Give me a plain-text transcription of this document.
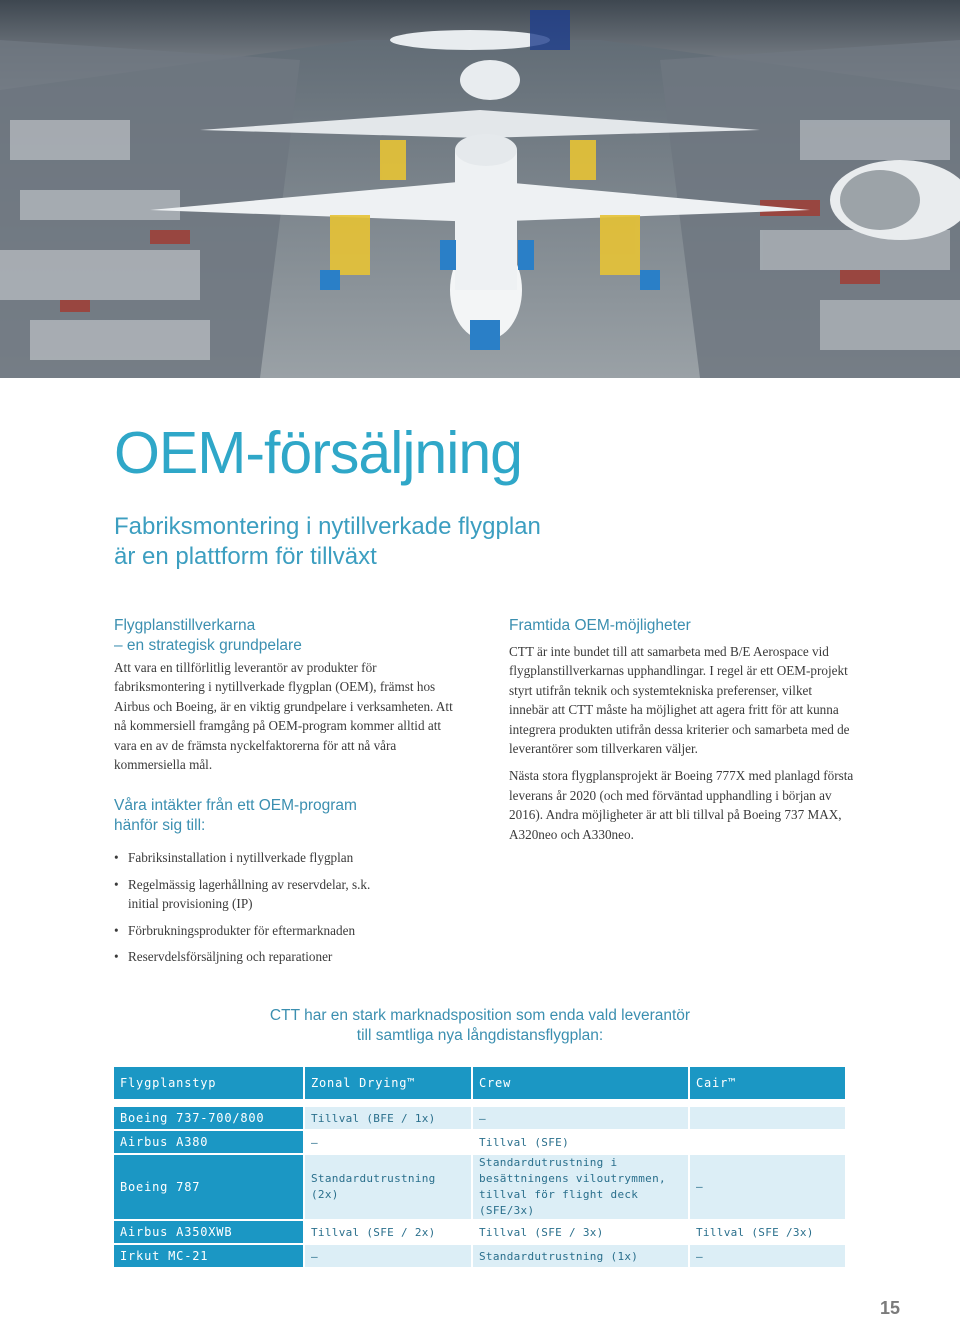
OEM-försäljning
Fabriksmontering i nytillverkade flygplan
är en plattform för tillväxt
Flygplanstillverkarna
– en strategisk grundpelare

Att vara en tillförlitlig leverantör av produkter för fabriksmontering i nytillverkade flygplan (OEM), främst hos Airbus och Boeing, är en viktig grundpelare i verksamheten. Att nå kommersiell framgång på OEM-program kommer alltid att vara en av de främsta nyckelfaktorerna för att nå våra kommersiella mål.

Våra intäkter från ett OEM-program
hänför sig till:
• Fabriksinstallation i nytillverkade flygplan
• Regelmässig lagerhållning av reservdelar, s.k. initial provisioning (IP)
• Förbrukningsprodukter för eftermarknaden
• Reservdelsförsäljning och reparationer
Framtida OEM-möjligheter

CTT är inte bundet till att samarbeta med B/E Aerospace vid flygplanstillverkarnas upphandlingar. I regel är ett OEM-projekt styrt utifrån teknik och systemtekniska preferenser, vilket innebär att CTT måste ha möjlighet att agera fritt för att kunna integrera produkten utifrån dessa kriterier och samarbeta med de leverantörer som tillverkaren väljer.

Nästa stora flygplansprojekt är Boeing 777X med planlagd första leverans år 2020 (och med förväntad upphandling i början av 2016). Andra möjligheter är att bli tillval på Boeing 737 MAX, A320neo och A330neo.

CTT har en stark marknadsposition som enda vald leverantör
till samtliga nya långdistansflygplan:
Flygplanstyp	Zonal Drying™	Crew	Cair™
Boeing 737-700/800	Tillval (BFE / 1x)	–	
Airbus A380	–	Tillval (SFE)	
Boeing 787	Standardutrustning (2x)	Standardutrustning i besättningens viloutrymmen, tillval för flight deck (SFE/3x)	–
Airbus A350XWB	Tillval (SFE / 2x)	Tillval (SFE / 3x)	Tillval (SFE /3x)
Irkut MC-21	–	Standardutrustning (1x)	–
15
